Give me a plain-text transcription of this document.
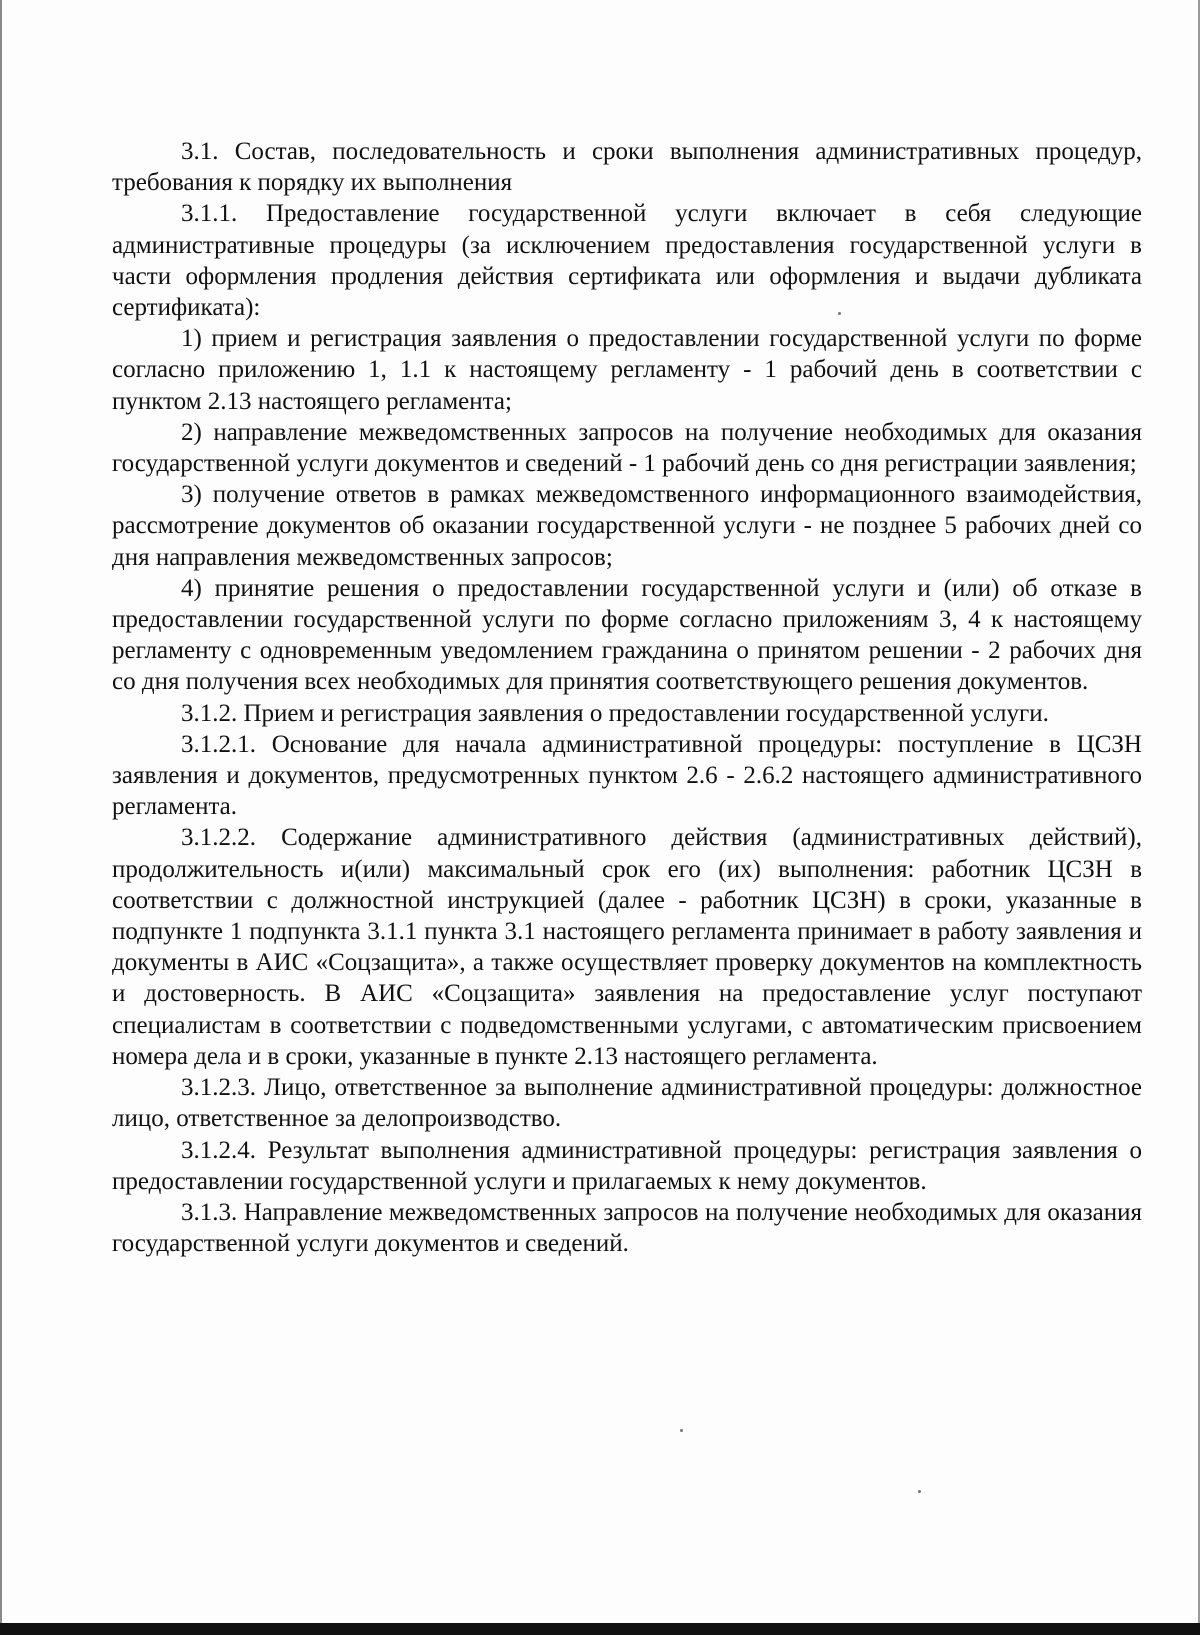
3.1. Состав, последовательность и сроки выполнения административных процедур, требования к порядку их выполнения

3.1.1. Предоставление государственной услуги включает в себя следующие административные процедуры (за исключением предоставления государственной услуги в части оформления продления действия сертификата или оформления и выдачи дубликата сертификата):

1) прием и регистрация заявления о предоставлении государственной услуги по форме согласно приложению 1, 1.1 к настоящему регламенту - 1 рабочий день в соответствии с пунктом 2.13 настоящего регламента;

2) направление межведомственных запросов на получение необходимых для оказания государственной услуги документов и сведений - 1 рабочий день со дня регистрации заявления;

3) получение ответов в рамках межведомственного информационного взаимодействия, рассмотрение документов об оказании государственной услуги - не позднее 5 рабочих дней со дня направления межведомственных запросов;

4) принятие решения о предоставлении государственной услуги и (или) об отказе в предоставлении государственной услуги по форме согласно приложениям 3, 4 к настоящему регламенту с одновременным уведомлением гражданина о принятом решении - 2 рабочих дня со дня получения всех необходимых для принятия соответствующего решения документов.

3.1.2. Прием и регистрация заявления о предоставлении государственной услуги.

3.1.2.1. Основание для начала административной процедуры: поступление в ЦСЗН заявления и документов, предусмотренных пунктом 2.6 - 2.6.2 настоящего административного регламента.

3.1.2.2. Содержание административного действия (административных действий), продолжительность и(или) максимальный срок его (их) выполнения: работник ЦСЗН в соответствии с должностной инструкцией (далее - работник ЦСЗН) в сроки, указанные в подпункте 1 подпункта 3.1.1 пункта 3.1 настоящего регламента принимает в работу заявления и документы в АИС «Соцзащита», а также осуществляет проверку документов на комплектность и достоверность. В АИС «Соцзащита» заявления на предоставление услуг поступают специалистам в соответствии с подведомственными услугами, с автоматическим присвоением номера дела и в сроки, указанные в пункте 2.13 настоящего регламента.

3.1.2.3. Лицо, ответственное за выполнение административной процедуры: должностное лицо, ответственное за делопроизводство.

3.1.2.4. Результат выполнения административной процедуры: регистрация заявления о предоставлении государственной услуги и прилагаемых к нему документов.

3.1.3. Направление межведомственных запросов на получение необходимых для оказания государственной услуги документов и сведений.
